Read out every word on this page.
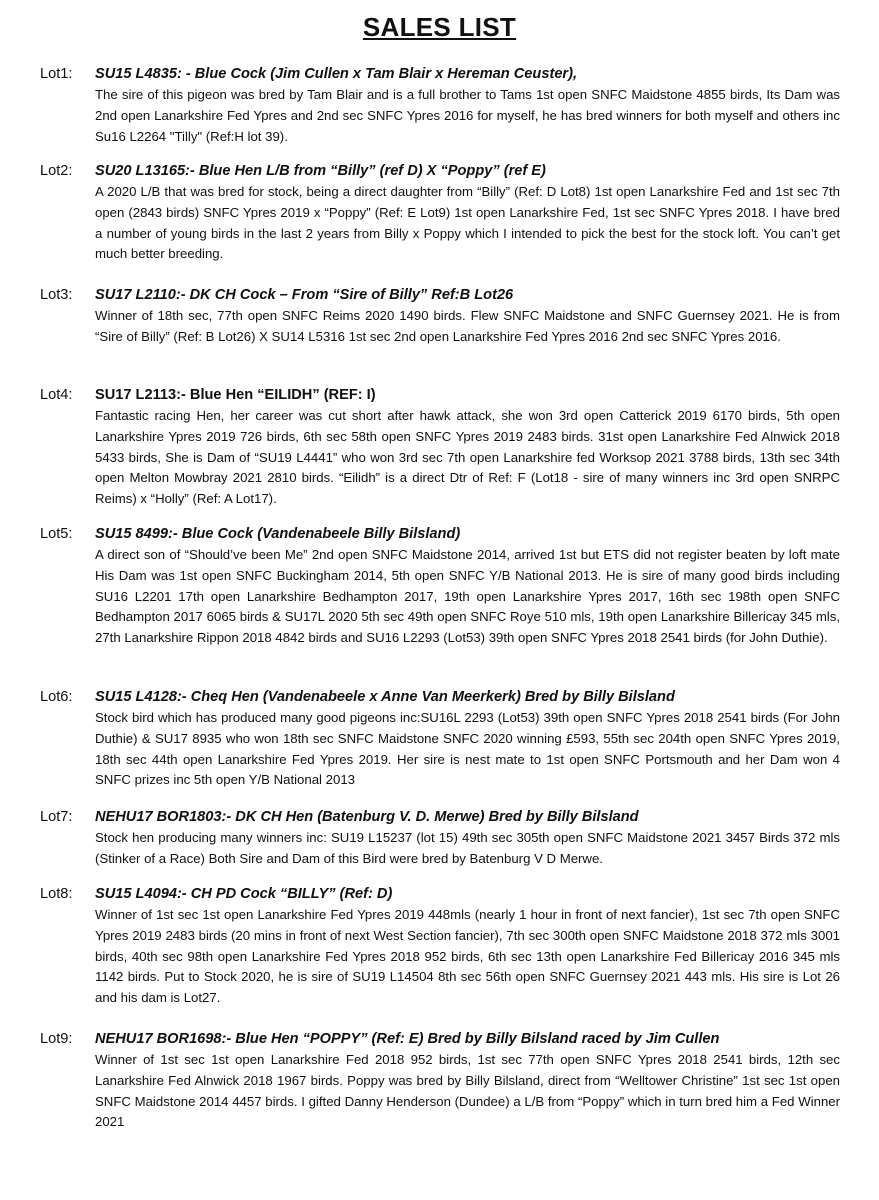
SALES LIST
Lot1:	SU15 L4835: - Blue Cock (Jim Cullen x Tam Blair x Hereman Ceuster),

The sire of this pigeon was bred by Tam Blair and is a full brother to Tams 1st open SNFC Maidstone 4855 birds, Its Dam was 2nd open Lanarkshire Fed Ypres and 2nd sec SNFC Ypres 2016 for myself, he has bred winners for both myself and others inc Su16 L2264 "Tilly" (Ref:H lot 39).

Lot2:	SU20 L13165:- Blue Hen L/B from “Billy” (ref D) X “Poppy” (ref E)

A 2020 L/B that was bred for stock, being a direct daughter from “Billy” (Ref: D Lot8) 1st open Lanarkshire Fed and 1st sec 7th open (2843 birds) SNFC Ypres 2019 x “Poppy” (Ref: E Lot9) 1st open Lanarkshire Fed, 1st sec SNFC Ypres 2018. I have bred a number of young birds in the last 2 years from Billy x Poppy which I intended to pick the best for the stock loft. You can’t get much better breeding.

Lot3:	SU17 L2110:- DK CH Cock – From “Sire of Billy” Ref:B Lot26

Winner of 18th sec, 77th open SNFC Reims 2020 1490 birds. Flew SNFC Maidstone and SNFC Guernsey 2021. He is from “Sire of Billy” (Ref: B Lot26) X SU14 L5316 1st sec 2nd open Lanarkshire Fed Ypres 2016 2nd sec SNFC Ypres 2016.

Lot4:	SU17 L2113:- Blue Hen “EILIDH” (REF: I)

Fantastic racing Hen, her career was cut short after hawk attack, she won 3rd open Catterick 2019 6170 birds, 5th open Lanarkshire Ypres 2019 726 birds, 6th sec 58th open SNFC Ypres 2019 2483 birds. 31st open Lanarkshire Fed Alnwick 2018 5433 birds, She is Dam of “SU19 L4441” who won 3rd sec 7th open Lanarkshire fed Worksop 2021 3788 birds, 13th sec 34th open Melton Mowbray 2021 2810 birds. “Eilidh” is a direct Dtr of Ref: F (Lot18 - sire of many winners inc 3rd open SNRPC Reims) x “Holly” (Ref: A Lot17).

Lot5:	SU15 8499:- Blue Cock (Vandenabeele Billy Bilsland)

A direct son of “Should’ve been Me” 2nd open SNFC Maidstone 2014, arrived 1st but ETS did not register beaten by loft mate His Dam was 1st open SNFC Buckingham 2014, 5th open SNFC Y/B National 2013. He is sire of many good birds including SU16 L2201 17th open Lanarkshire Bedhampton 2017, 19th open Lanarkshire Ypres 2017, 16th sec 198th open SNFC Bedhampton 2017 6065 birds & SU17L 2020 5th sec 49th open SNFC Roye 510 mls, 19th open Lanarkshire Billericay 345 mls, 27th Lanarkshire Rippon 2018 4842 birds and SU16 L2293 (Lot53) 39th open SNFC Ypres 2018 2541 birds (for John Duthie).

Lot6:	SU15 L4128:- Cheq Hen (Vandenabeele x Anne Van Meerkerk) Bred by Billy Bilsland

Stock bird which has produced many good pigeons inc:SU16L 2293 (Lot53) 39th open SNFC Ypres 2018 2541 birds (For John Duthie) & SU17 8935 who won 18th sec SNFC Maidstone SNFC 2020 winning £593, 55th sec 204th open SNFC Ypres 2019, 18th sec 44th open Lanarkshire Fed Ypres 2019. Her sire is nest mate to 1st open SNFC Portsmouth and her Dam won 4 SNFC prizes inc 5th open Y/B National 2013

Lot7:	NEHU17 BOR1803:- DK CH Hen (Batenburg V. D. Merwe) Bred by Billy Bilsland

Stock hen producing many winners inc: SU19 L15237 (lot 15) 49th sec 305th open SNFC Maidstone 2021 3457 Birds 372 mls (Stinker of a Race) Both Sire and Dam of this Bird were bred by Batenburg V D Merwe.

Lot8:	SU15 L4094:- CH PD Cock “BILLY” (Ref: D)

Winner of 1st sec 1st open Lanarkshire Fed Ypres 2019 448mls (nearly 1 hour in front of next fancier), 1st sec 7th open SNFC Ypres 2019 2483 birds (20 mins in front of next West Section fancier), 7th sec 300th open SNFC Maidstone 2018 372 mls 3001 birds, 40th sec 98th open Lanarkshire Fed Ypres 2018 952 birds, 6th sec 13th open Lanarkshire Fed Billericay 2016 345 mls 1142 birds. Put to Stock 2020, he is sire of SU19 L14504 8th sec 56th open SNFC Guernsey 2021 443 mls. His sire is Lot 26 and his dam is Lot27.

Lot9:	NEHU17 BOR1698:- Blue Hen “POPPY” (Ref: E) Bred by Billy Bilsland raced by Jim Cullen

Winner of 1st sec 1st open Lanarkshire Fed 2018 952 birds, 1st sec 77th open SNFC Ypres 2018 2541 birds, 12th sec Lanarkshire Fed Alnwick 2018 1967 birds. Poppy was bred by Billy Bilsland, direct from “Welltower Christine” 1st sec 1st open SNFC Maidstone 2014 4457 birds. I gifted Danny Henderson (Dundee) a L/B from “Poppy” which in turn bred him a Fed Winner 2021
